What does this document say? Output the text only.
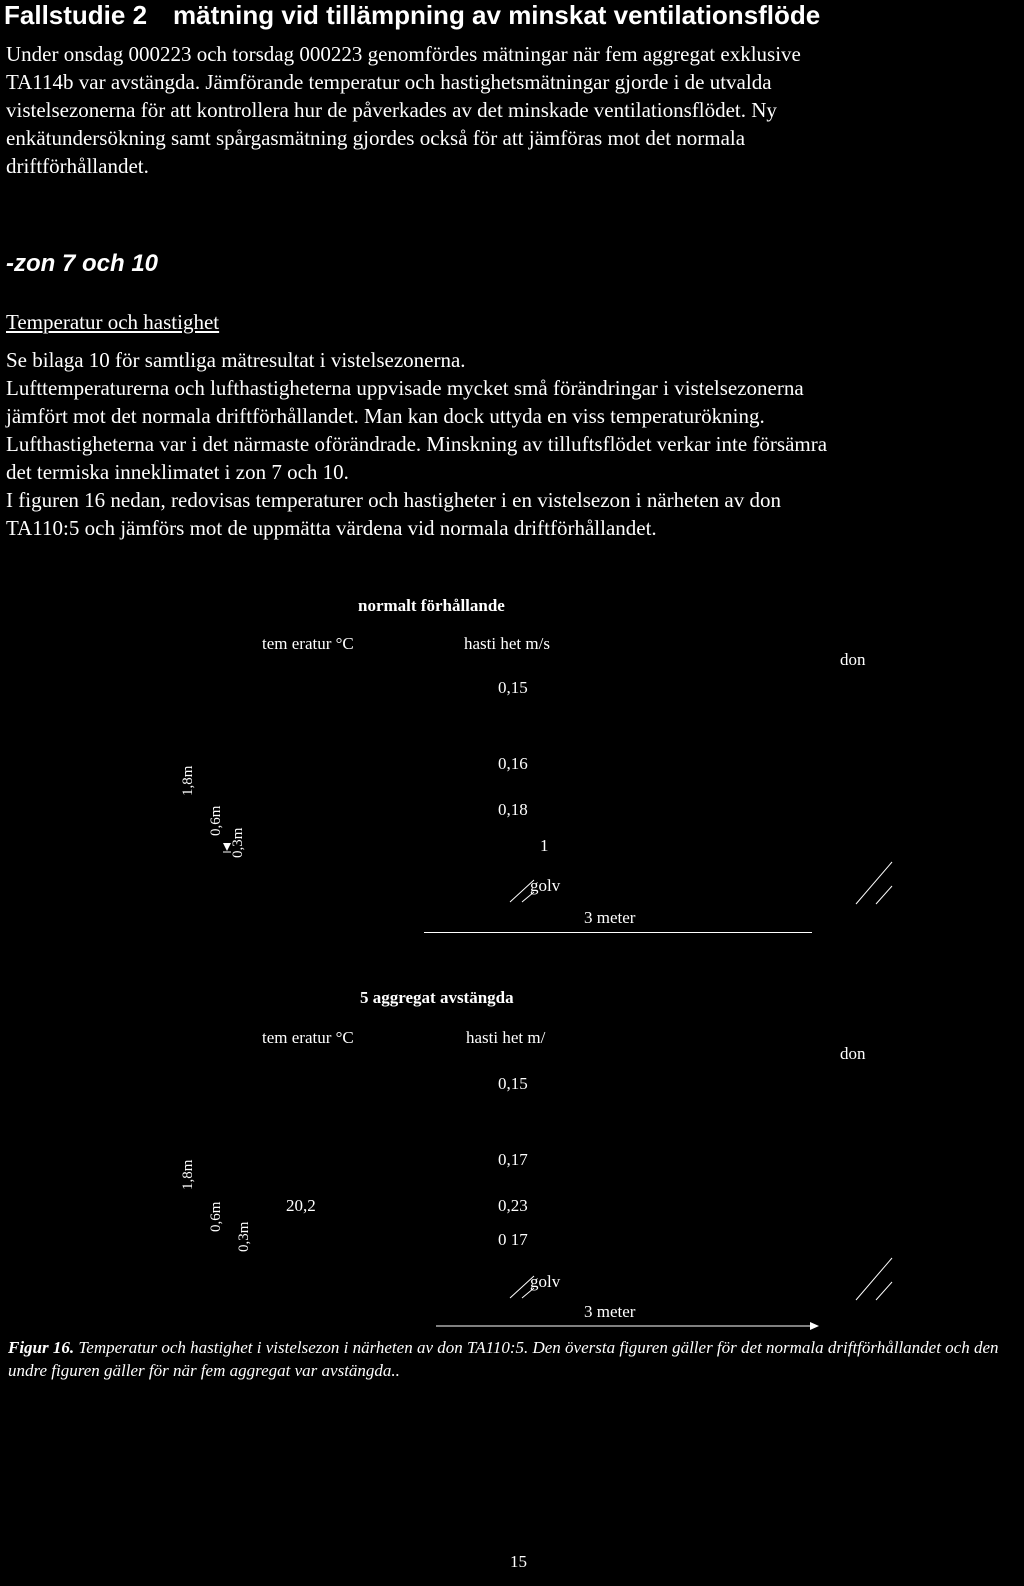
Fallstudie 2 mätning vid tillämpning av minskat ventilationsflöde
Under onsdag 000223 och torsdag 000223 genomfördes mätningar när fem aggregat exklusive
TA114b var avstängda. Jämförande temperatur och hastighetsmätningar gjorde i de utvalda
vistelsezonerna för att kontrollera hur de påverkades av det minskade ventilationsflödet. Ny
enkätundersökning samt spårgasmätning gjordes också för att jämföras mot det normala
driftförhållandet.
-zon 7 och 10
Temperatur och hastighet
Se bilaga 10 för samtliga mätresultat i vistelsezonerna.
Lufttemperaturerna och lufthastigheterna uppvisade mycket små förändringar i vistelsezonerna
jämfört mot det normala driftförhållandet. Man kan dock uttyda en viss temperaturökning.
Lufthastigheterna var i det närmaste oförändrade. Minskning av tilluftsflödet verkar inte försämra
det termiska inneklimatet i zon 7 och 10.
I figuren 16 nedan, redovisas temperaturer och hastigheter i en vistelsezon i närheten av don
TA110:5 och jämförs mot de uppmätta värdena vid normala driftförhållandet.
normalt förhållande
tem eratur °C	hasti het m/s
don
0,15
0,16
0,18
1
1,8m
0,6m
0,3m
golv
3 meter
5 aggregat avstängda
tem eratur °C	hasti het m/
don
0,15
0,17
20,2	0,23
0 17
1,8m
0,6m
0,3m
golv
3 meter
Figur 16. Temperatur och hastighet i vistelsezon i närheten av don TA110:5. Den översta figuren gäller för det normala driftförhållandet och den undre figuren gäller för när fem aggregat var avstängda..
15
